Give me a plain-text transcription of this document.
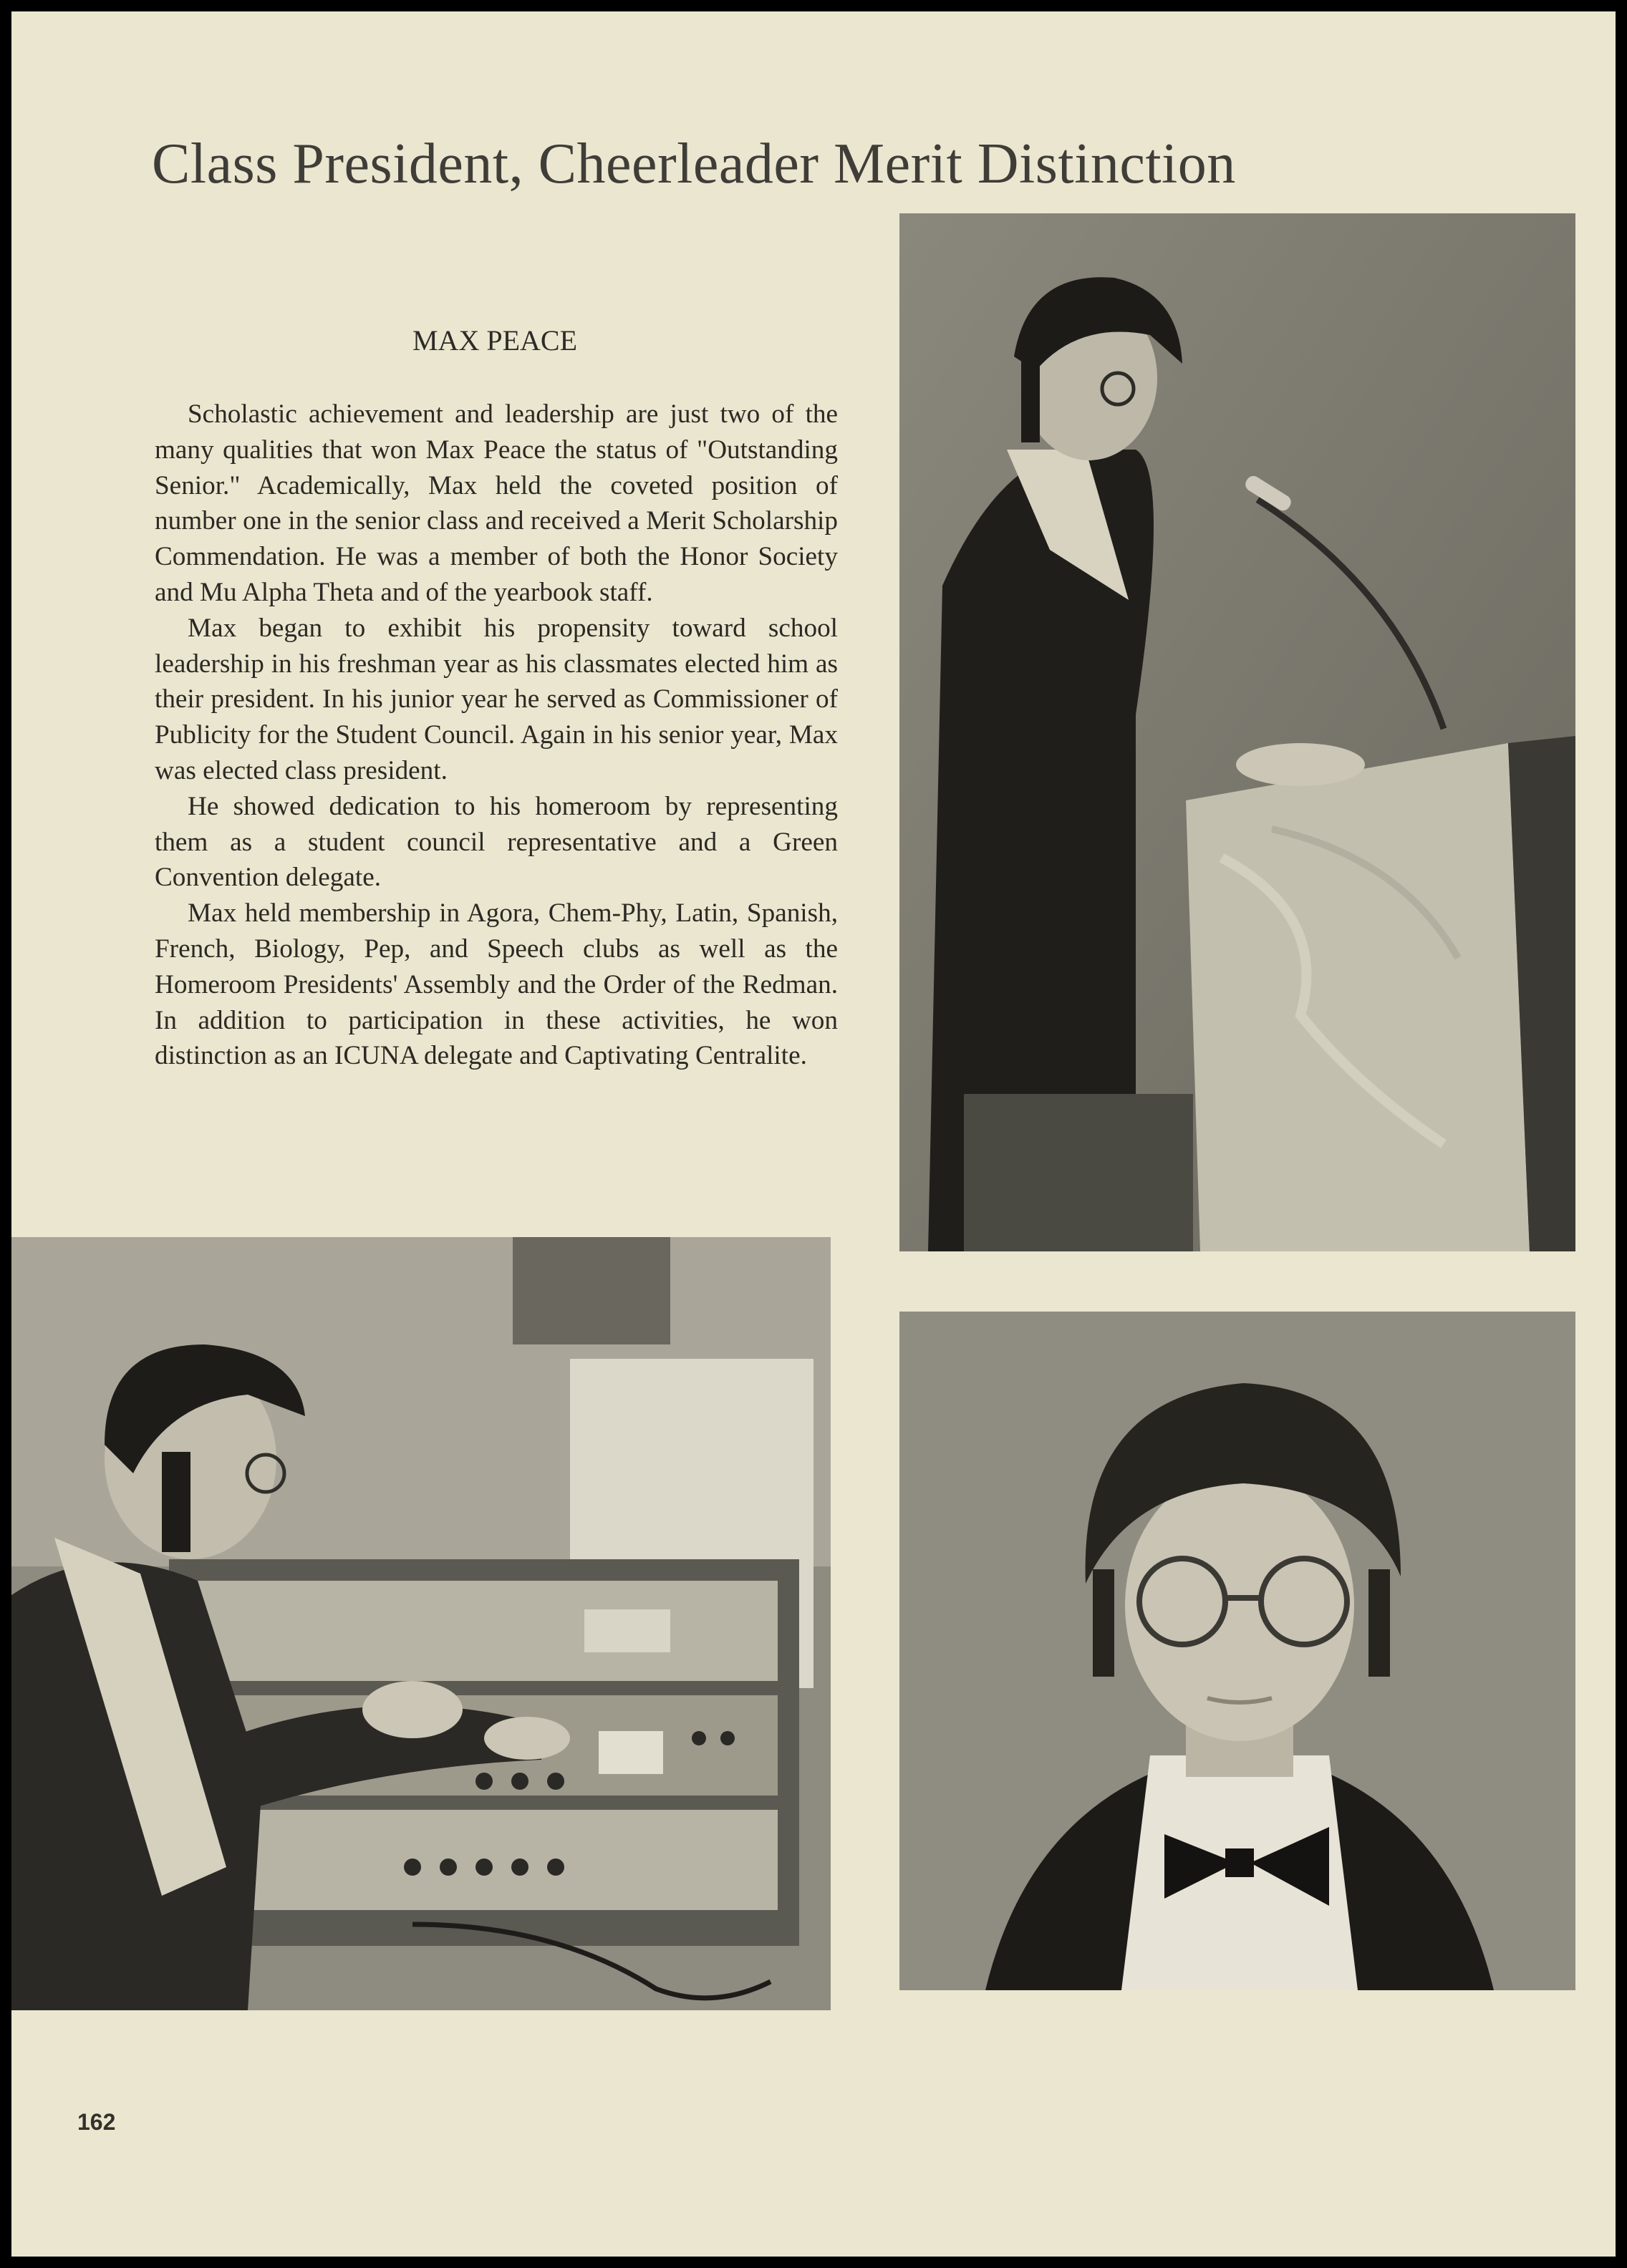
Class President, Cheerleader Merit Distinction
MAX PEACE

Scholastic achievement and leadership are just two of the many qualities that won Max Peace the status of "Outstanding Senior." Academically, Max held the coveted position of number one in the senior class and received a Merit Scholarship Commendation. He was a member of both the Honor Society and Mu Alpha Theta and of the yearbook staff.

Max began to exhibit his propensity toward school leadership in his freshman year as his classmates elected him as their president. In his junior year he served as Commissioner of Publicity for the Student Council. Again in his senior year, Max was elected class president.

He showed dedication to his homeroom by representing them as a student council representative and a Green Convention delegate.

Max held membership in Agora, Chem-Phy, Latin, Spanish, French, Biology, Pep, and Speech clubs as well as the Homeroom Presidents' Assembly and the Order of the Redman. In addition to participation in these activities, he won distinction as an ICUNA delegate and Captivating Centralite.

162
